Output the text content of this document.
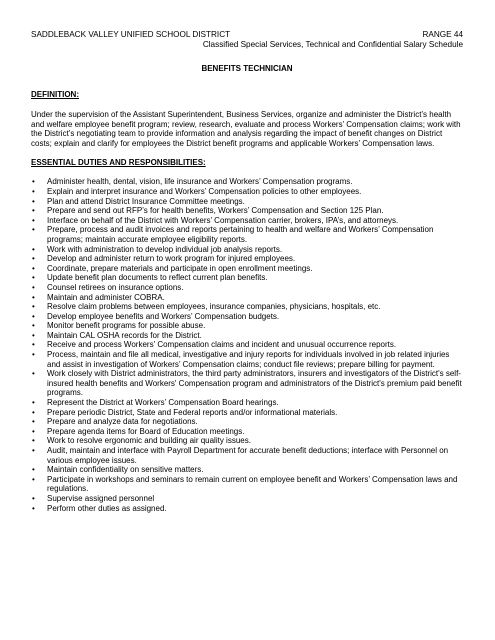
SADDLEBACK VALLEY UNIFIED SCHOOL DISTRICT	RANGE 44
Classified Special Services, Technical and Confidential Salary Schedule
BENEFITS TECHNICIAN
DEFINITION:
Under the supervision of the Assistant Superintendent, Business Services, organize and administer the District’s health and welfare employee benefit program; review, research, evaluate and process Workers’ Compensation claims; work with the District’s negotiating team to provide information and analysis regarding the impact of benefit changes on District costs; explain and clarify for employees the District benefit programs and applicable Workers’ Compensation laws.
ESSENTIAL DUTIES AND RESPONSIBILITIES:
• Administer health, dental, vision, life insurance and Workers’ Compensation programs.
• Explain and interpret insurance and Workers’ Compensation policies to other employees.
• Plan and attend District Insurance Committee meetings.
• Prepare and send out RFP’s for health benefits, Workers’ Compensation and Section 125 Plan.
• Interface on behalf of the District with Workers’ Compensation carrier, brokers, IPA’s, and attorneys.
• Prepare, process and audit invoices and reports pertaining to health and welfare and Workers’ Compensation programs; maintain accurate employee eligibility reports.
• Work with administration to develop individual job analysis reports.
• Develop and administer return to work program for injured employees.
• Coordinate, prepare materials and participate in open enrollment meetings.
• Update benefit plan documents to reflect current plan benefits.
• Counsel retirees on insurance options.
• Maintain and administer COBRA.
• Resolve claim problems between employees, insurance companies, physicians, hospitals, etc.
• Develop employee benefits and Workers’ Compensation budgets.
• Monitor benefit programs for possible abuse.
• Maintain CAL OSHA records for the District.
• Receive and process Workers' Compensation claims and incident and unusual occurrence reports.
• Process, maintain and file all medical, investigative and injury reports for individuals involved in job related injuries and assist in investigation of Workers’ Compensation claims; conduct file reviews; prepare billing for payment.
• Work closely with District administrators, the third party administrators, insurers and investigators of the District's self-insured health benefits and Workers' Compensation program and administrators of the District's premium paid benefit programs.
• Represent the District at Workers’ Compensation Board hearings.
• Prepare periodic District, State and Federal reports and/or informational materials.
• Prepare and analyze data for negotiations.
• Prepare agenda items for Board of Education meetings.
• Work to resolve ergonomic and building air quality issues.
• Audit, maintain and interface with Payroll Department for accurate benefit deductions; interface with Personnel on various employee issues.
• Maintain confidentiality on sensitive matters.
• Participate in workshops and seminars to remain current on employee benefit and Workers’ Compensation laws and regulations.
• Supervise assigned personnel
• Perform other duties as assigned.
